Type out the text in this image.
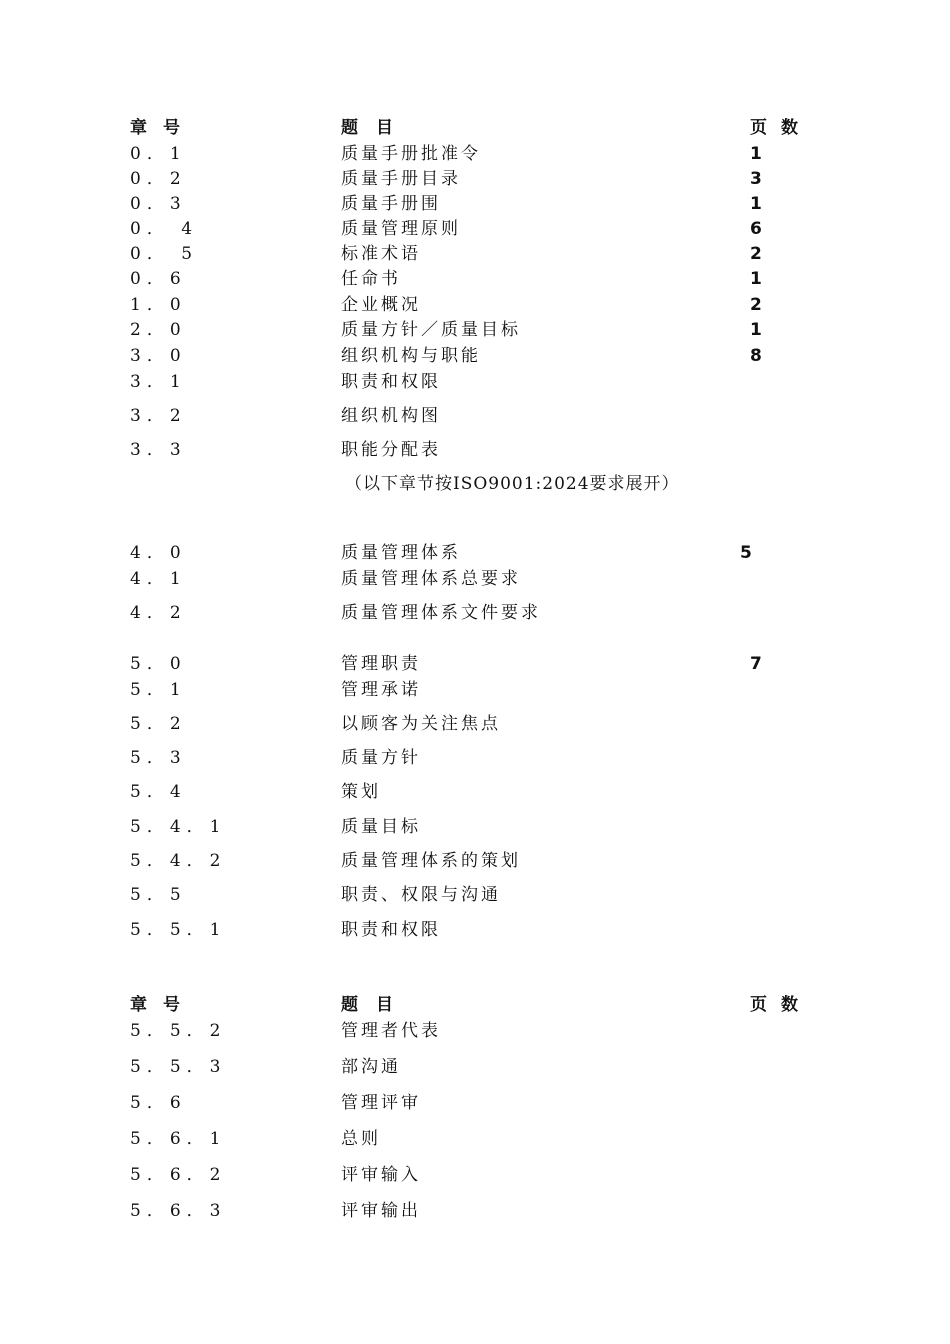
章号	题目	页数
0．1	质量手册批准令	1
0．2	质量手册目录	3
0．3	质量手册围	1
0． 4	质量管理原则	6
0． 5	标准术语	2
0．6	任命书	1
1．0	企业概况	2
2．0	质量方针／质量目标	1
3．0	组织机构与职能	8
3．1	职责和权限
3．2	组织机构图
3．3	职能分配表
（以下章节按ISO9001:2024要求展开）
4．0	质量管理体系	5
4．1	质量管理体系总要求
4．2	质量管理体系文件要求
5．0	管理职责	7
5．1	管理承诺
5．2	以顾客为关注焦点
5．3	质量方针
5．4	策划
5．4．1	质量目标
5．4．2	质量管理体系的策划
5．5	职责、权限与沟通
5．5．1	职责和权限
章号	题目	页数
5．5．2	管理者代表
5．5．3	部沟通
5．6	管理评审
5．6．1	总则
5．6．2	评审输入
5．6．3	评审输出
